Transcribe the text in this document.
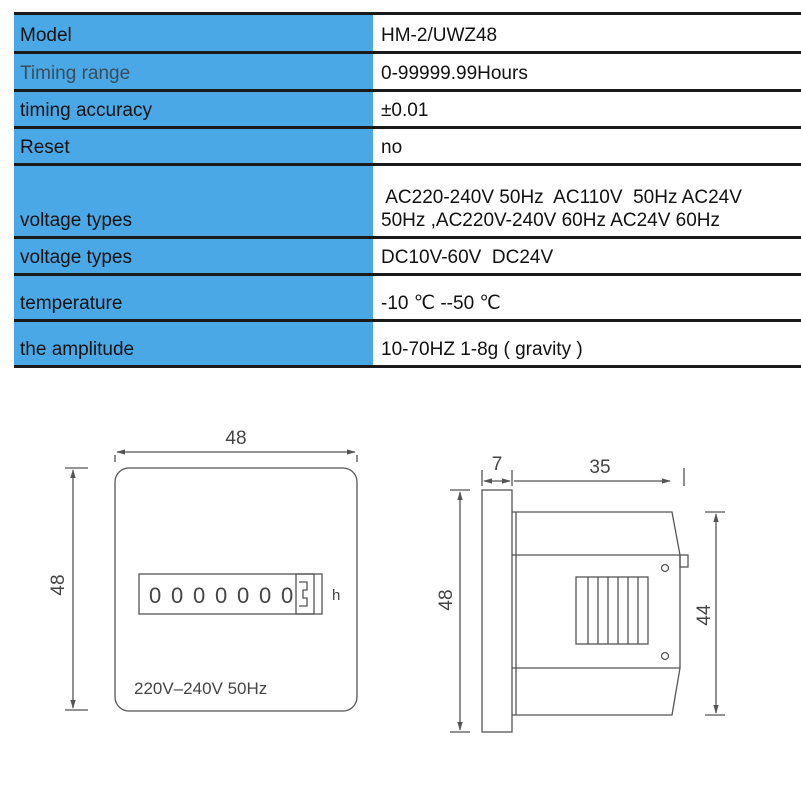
Model	HM-2/UWZ48
Timing range	0-99999.99Hours
timing accuracy	±0.01
Reset	no
voltage types	AC220-240V 50Hz  AC110V  50Hz AC24V
50Hz ,AC220V-240V 60Hz AC24V 60Hz

voltage types	DC10V-60V  DC24V
temperature	-10 ℃ --50 ℃
the amplitude	10-70HZ 1-8g ( gravity )
0 0 0 0 0 0 0
48
48	h
220V–240V 50Hz
7	35
48
44
